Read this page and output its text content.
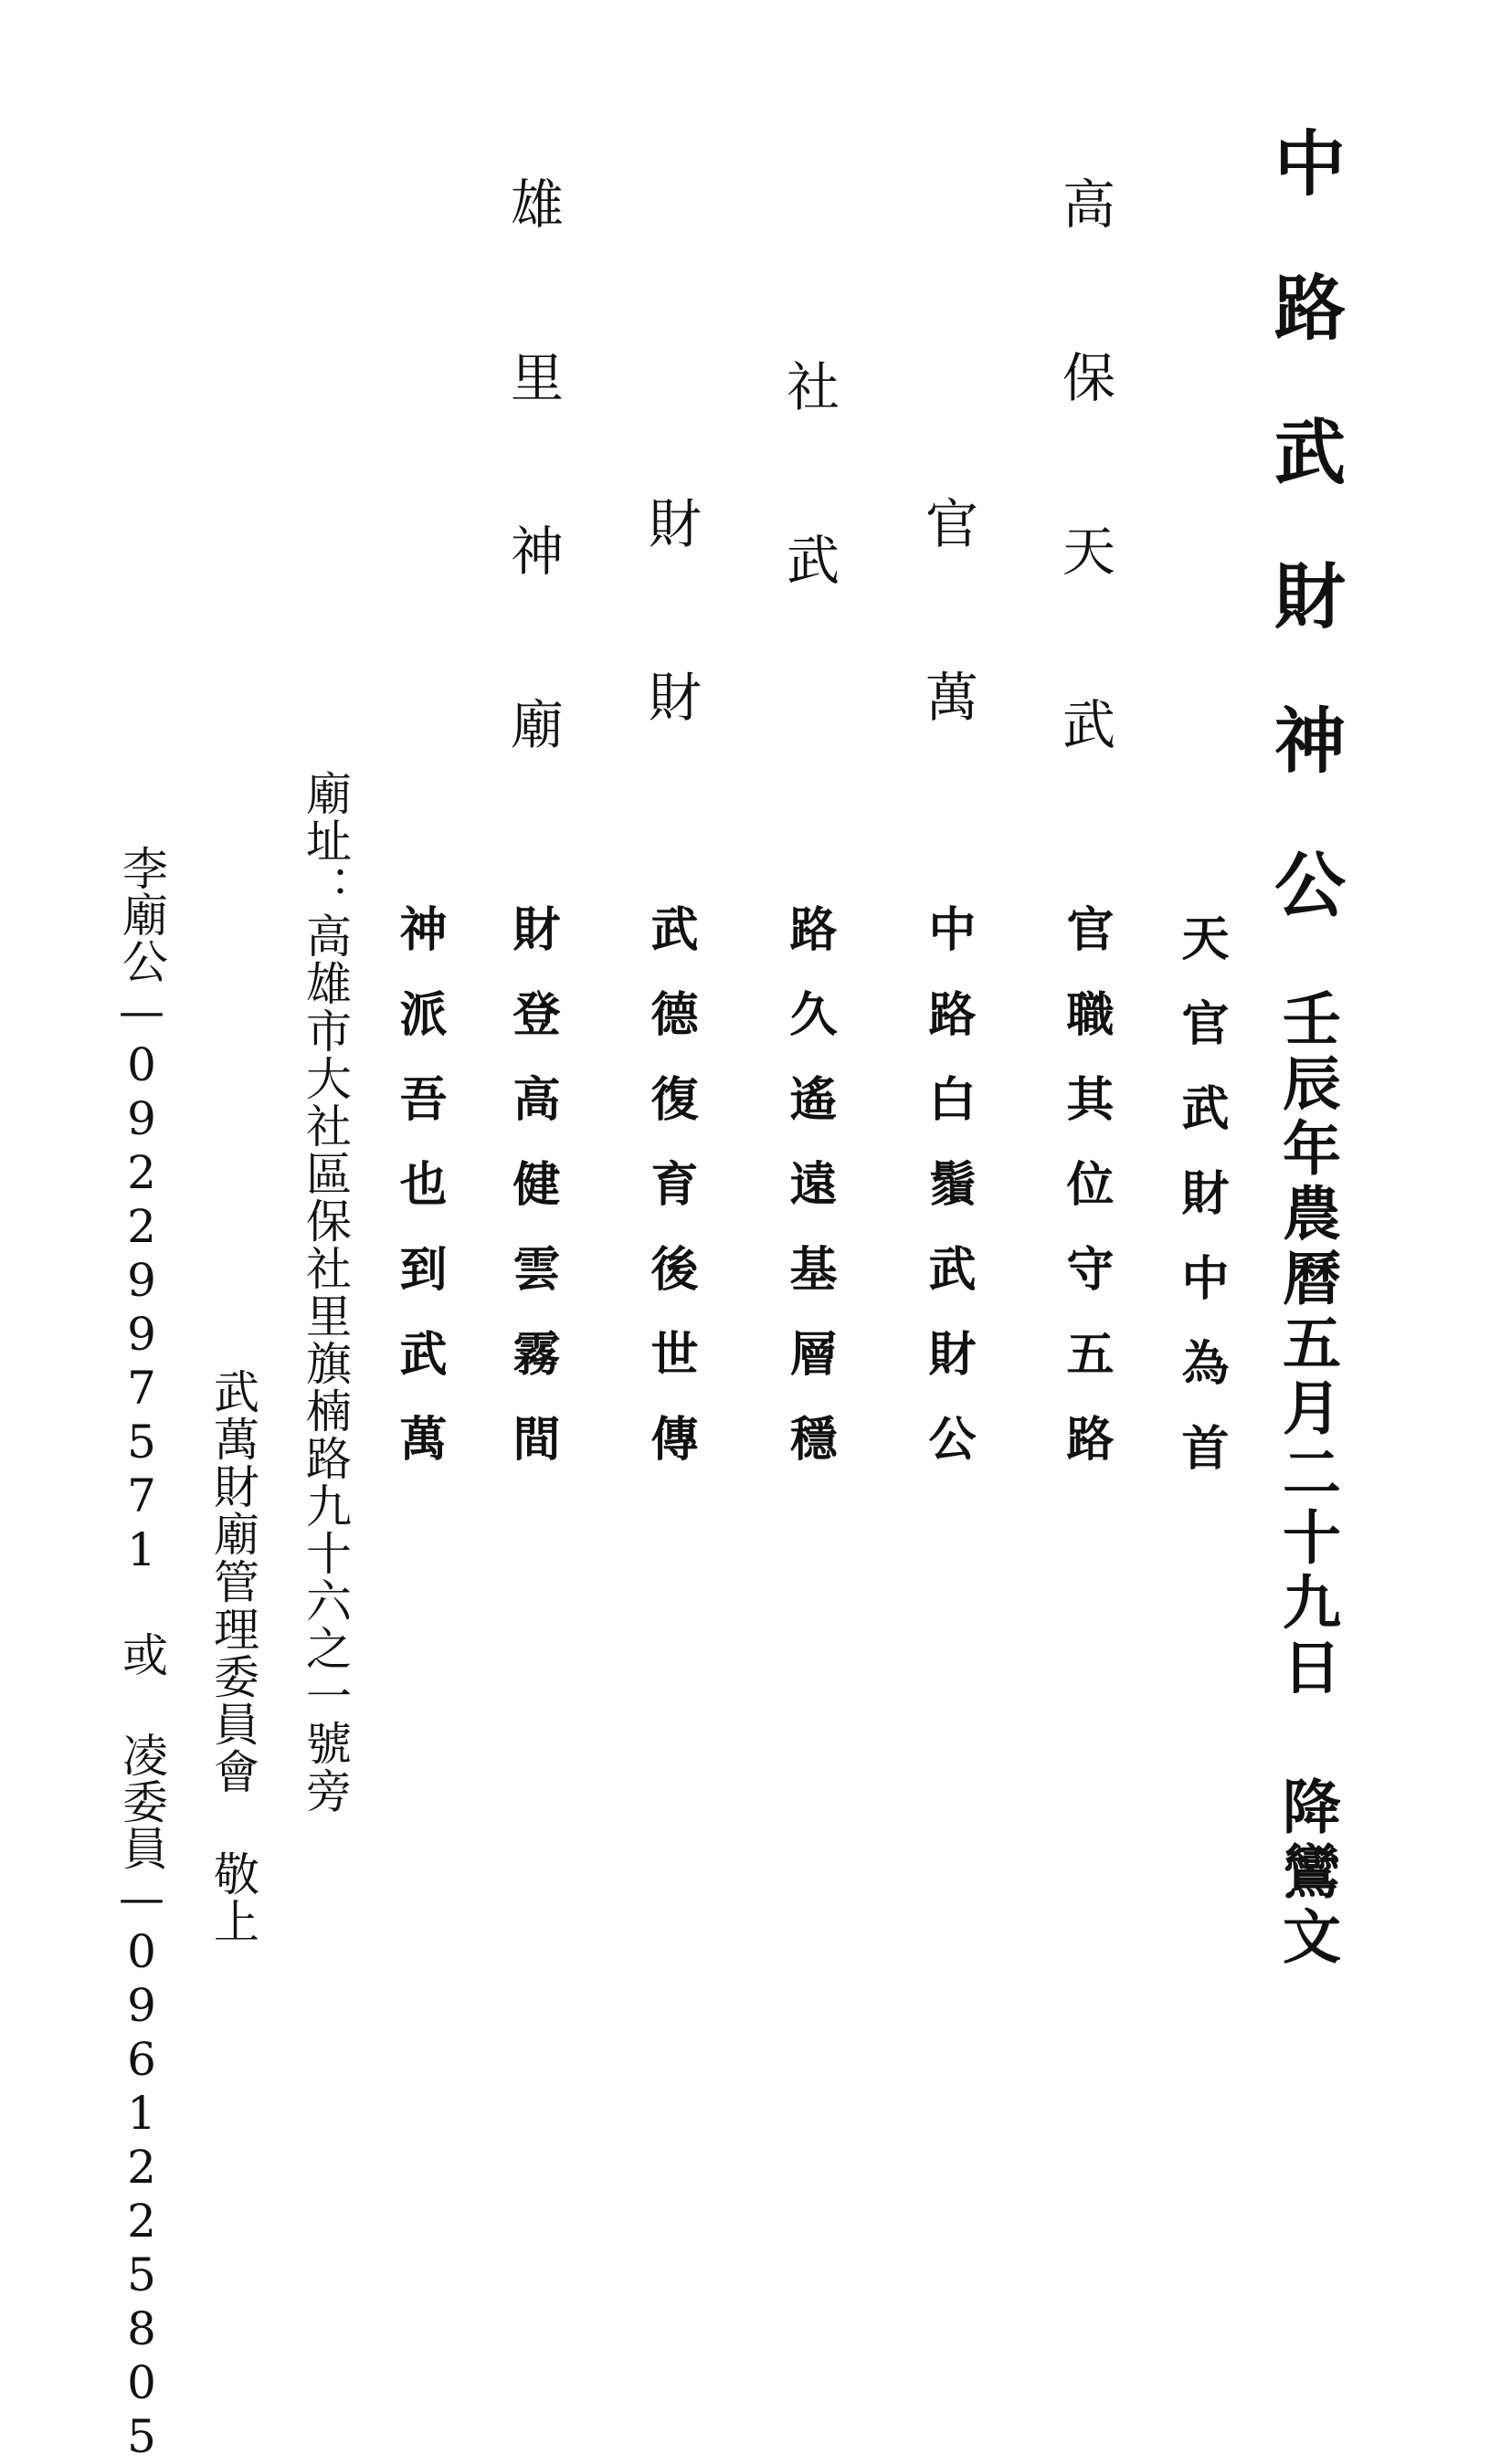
中路武財神公

壬辰年農曆五月二十九日 降鸞文

高保天武

官萬

社武

財財

雄里神廟

天官武財中為首

官職其位守五路

中路白鬚武財公

路久遙遠基層穩

武德復育後世傳

財登高健雲霧間

神派吾也到武萬

廟址：高雄市大社區保社里旗楠路九十六之一號旁

武萬財廟管理委員會 敬上

李廟公—0922997571 或 凌委員—0961225805
